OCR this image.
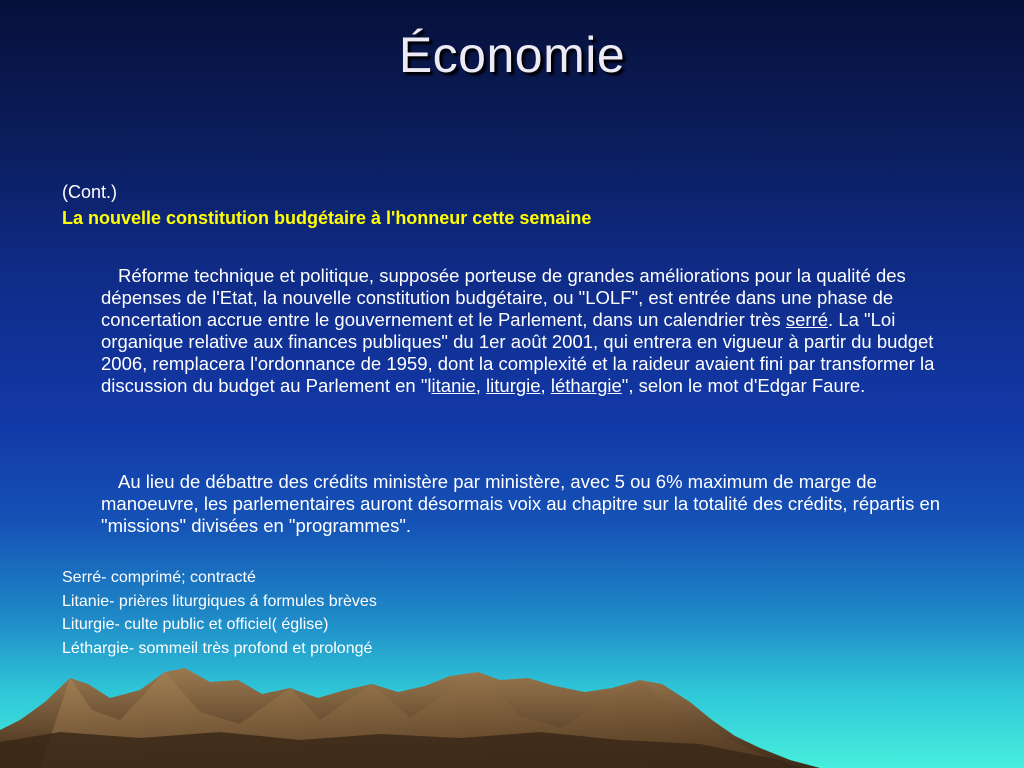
Économie
(Cont.)
La nouvelle constitution budgétaire à l'honneur cette semaine
Réforme technique et politique, supposée porteuse de grandes améliorations pour la qualité des dépenses de l'Etat, la nouvelle constitution budgétaire, ou "LOLF", est entrée dans une phase de concertation accrue entre le gouvernement et le Parlement, dans un calendrier très serré. La "Loi organique relative aux finances publiques" du 1er août 2001, qui entrera en vigueur à partir du budget 2006, remplacera l'ordonnance de 1959, dont la complexité et la raideur avaient fini par transformer la discussion du budget au Parlement en "litanie, liturgie, léthargie", selon le mot d'Edgar Faure.
Au lieu de débattre des crédits ministère par ministère, avec 5 ou 6% maximum de marge de manoeuvre, les parlementaires auront désormais voix au chapitre sur la totalité des crédits, répartis en "missions" divisées en "programmes".
Serré- comprimé; contracté
Litanie- prières liturgiques á formules brèves
Liturgie- culte public et officiel( église)
Léthargie- sommeil très profond et prolongé
